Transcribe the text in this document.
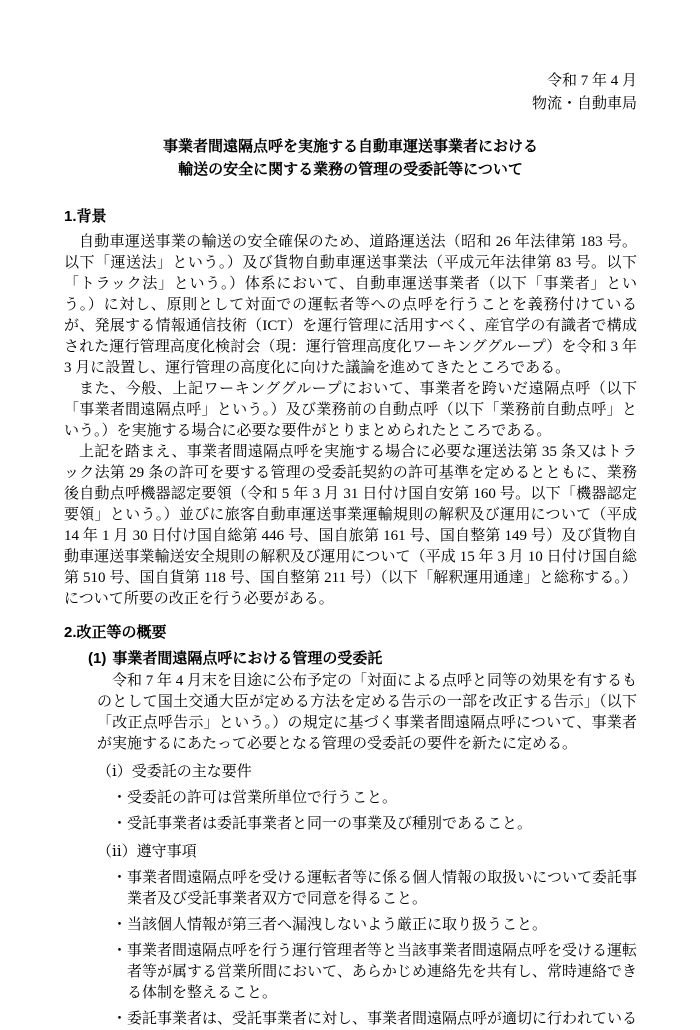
令和 7 年 4 月
物流・自動車局
事業者間遠隔点呼を実施する自動車運送事業者における
輸送の安全に関する業務の管理の受委託等について
1.背景

自動車運送事業の輸送の安全確保のため、道路運送法（昭和 26 年法律第 183 号。以下「運送法」という。）及び貨物自動車運送事業法（平成元年法律第 83 号。以下「トラック法」という。）体系において、自動車運送事業者（以下「事業者」という。）に対し、原則として対面での運転者等への点呼を行うことを義務付けているが、発展する情報通信技術（ICT）を運行管理に活用すべく、産官学の有識者で構成された運行管理高度化検討会（現：運行管理高度化ワーキンググループ）を令和 3 年 3 月に設置し、運行管理の高度化に向けた議論を進めてきたところである。

また、今般、上記ワーキンググループにおいて、事業者を跨いだ遠隔点呼（以下「事業者間遠隔点呼」という。）及び業務前の自動点呼（以下「業務前自動点呼」という。）を実施する場合に必要な要件がとりまとめられたところである。

上記を踏まえ、事業者間遠隔点呼を実施する場合に必要な運送法第 35 条又はトラック法第 29 条の許可を要する管理の受委託契約の許可基準を定めるとともに、業務後自動点呼機器認定要領（令和 5 年 3 月 31 日付け国自安第 160 号。以下「機器認定要領」という。）並びに旅客自動車運送事業運輸規則の解釈及び運用について（平成 14 年 1 月 30 日付け国自総第 446 号、国自旅第 161 号、国自整第 149 号）及び貨物自動車運送事業輸送安全規則の解釈及び運用について（平成 15 年 3 月 10 日付け国自総第 510 号、国自貨第 118 号、国自整第 211 号）（以下「解釈運用通達」と総称する。）について所要の改正を行う必要がある。

2.改正等の概要
(1) 事業者間遠隔点呼における管理の受委託

令和 7 年 4 月末を目途に公布予定の「対面による点呼と同等の効果を有するものとして国土交通大臣が定める方法を定める告示の一部を改正する告示」（以下「改正点呼告示」という。）の規定に基づく事業者間遠隔点呼について、事業者が実施するにあたって必要となる管理の受委託の要件を新たに定める。

（ⅰ）受委託の主な要件
・受委託の許可は営業所単位で行うこと。
・受託事業者は委託事業者と同一の事業及び種別であること。
（ⅱ）遵守事項
・事業者間遠隔点呼を受ける運転者等に係る個人情報の取扱いについて委託事業者及び受託事業者双方で同意を得ること。
・当該個人情報が第三者へ漏洩しないよう厳正に取り扱うこと。
・事業者間遠隔点呼を行う運行管理者等と当該事業者間遠隔点呼を受ける運転者等が属する営業所間において、あらかじめ連絡先を共有し、常時連絡できる体制を整えること。
・委託事業者は、受託事業者に対し、事業者間遠隔点呼が適切に行われている
